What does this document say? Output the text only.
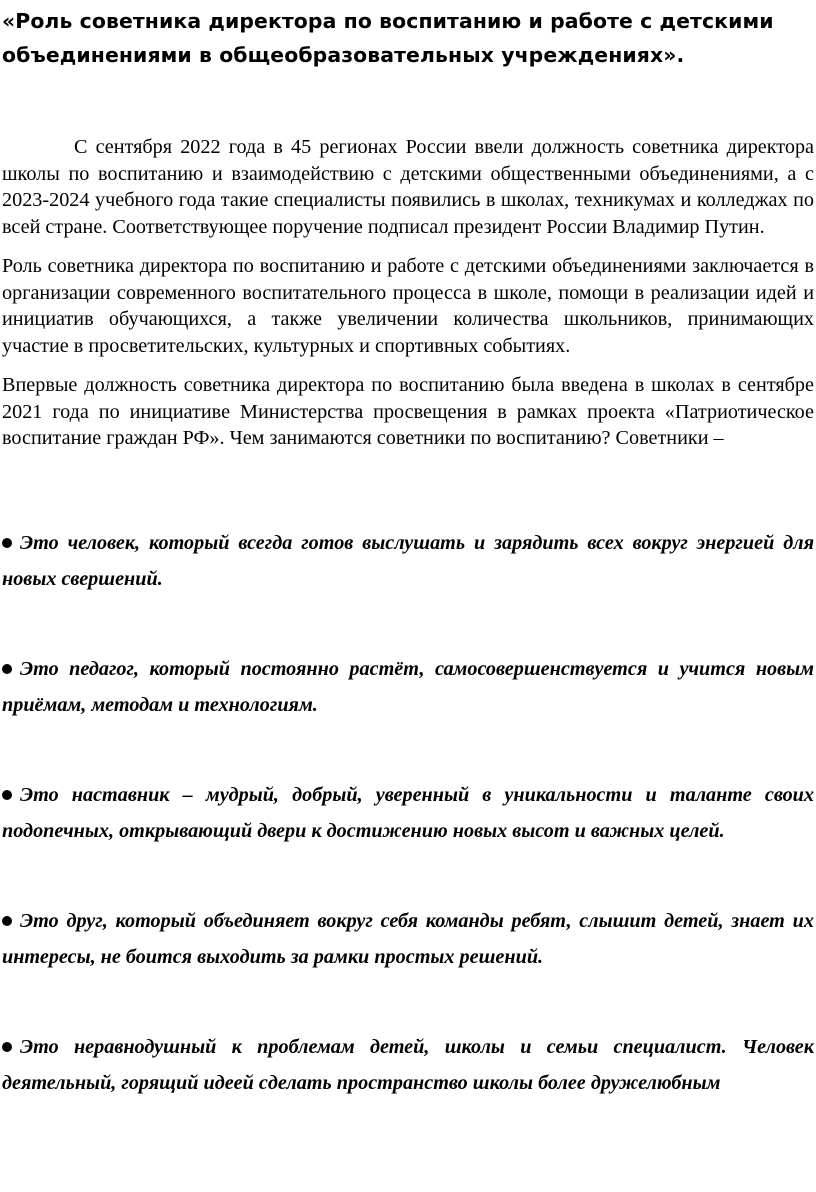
«Роль советника директора по воспитанию и работе с детскими объединениями в общеобразовательных учреждениях».

С сентября 2022 года в 45 регионах России ввели должность советника директора школы по воспитанию и взаимодействию с детскими общественными объединениями, а с 2023-2024 учебного года такие специалисты появились в школах, техникумах и колледжах по всей стране. Соответствующее поручение подписал президент России Владимир Путин.

Роль советника директора по воспитанию и работе с детскими объединениями заключается в организации современного воспитательного процесса в школе, помощи в реализации идей и инициатив обучающихся, а также увеличении количества школьников, принимающих участие в просветительских, культурных и спортивных событиях.

Впервые должность советника директора по воспитанию была введена в школах в сентябре 2021 года по инициативе Министерства просвещения в рамках проекта «Патриотическое воспитание граждан РФ». Чем занимаются советники по воспитанию? Советники –

Это человек, который всегда готов выслушать и зарядить всех вокруг энергией для новых свершений.

Это педагог, который постоянно растёт, самосовершенствуется и учится новым приёмам, методам и технологиям.

Это наставник – мудрый, добрый, уверенный в уникальности и таланте своих подопечных, открывающий двери к достижению новых высот и важных целей.

Это друг, который объединяет вокруг себя команды ребят, слышит детей, знает их интересы, не боится выходить за рамки простых решений.

Это неравнодушный к проблемам детей, школы и семьи специалист. Человек деятельный, горящий идеей сделать пространство школы более дружелюбным
